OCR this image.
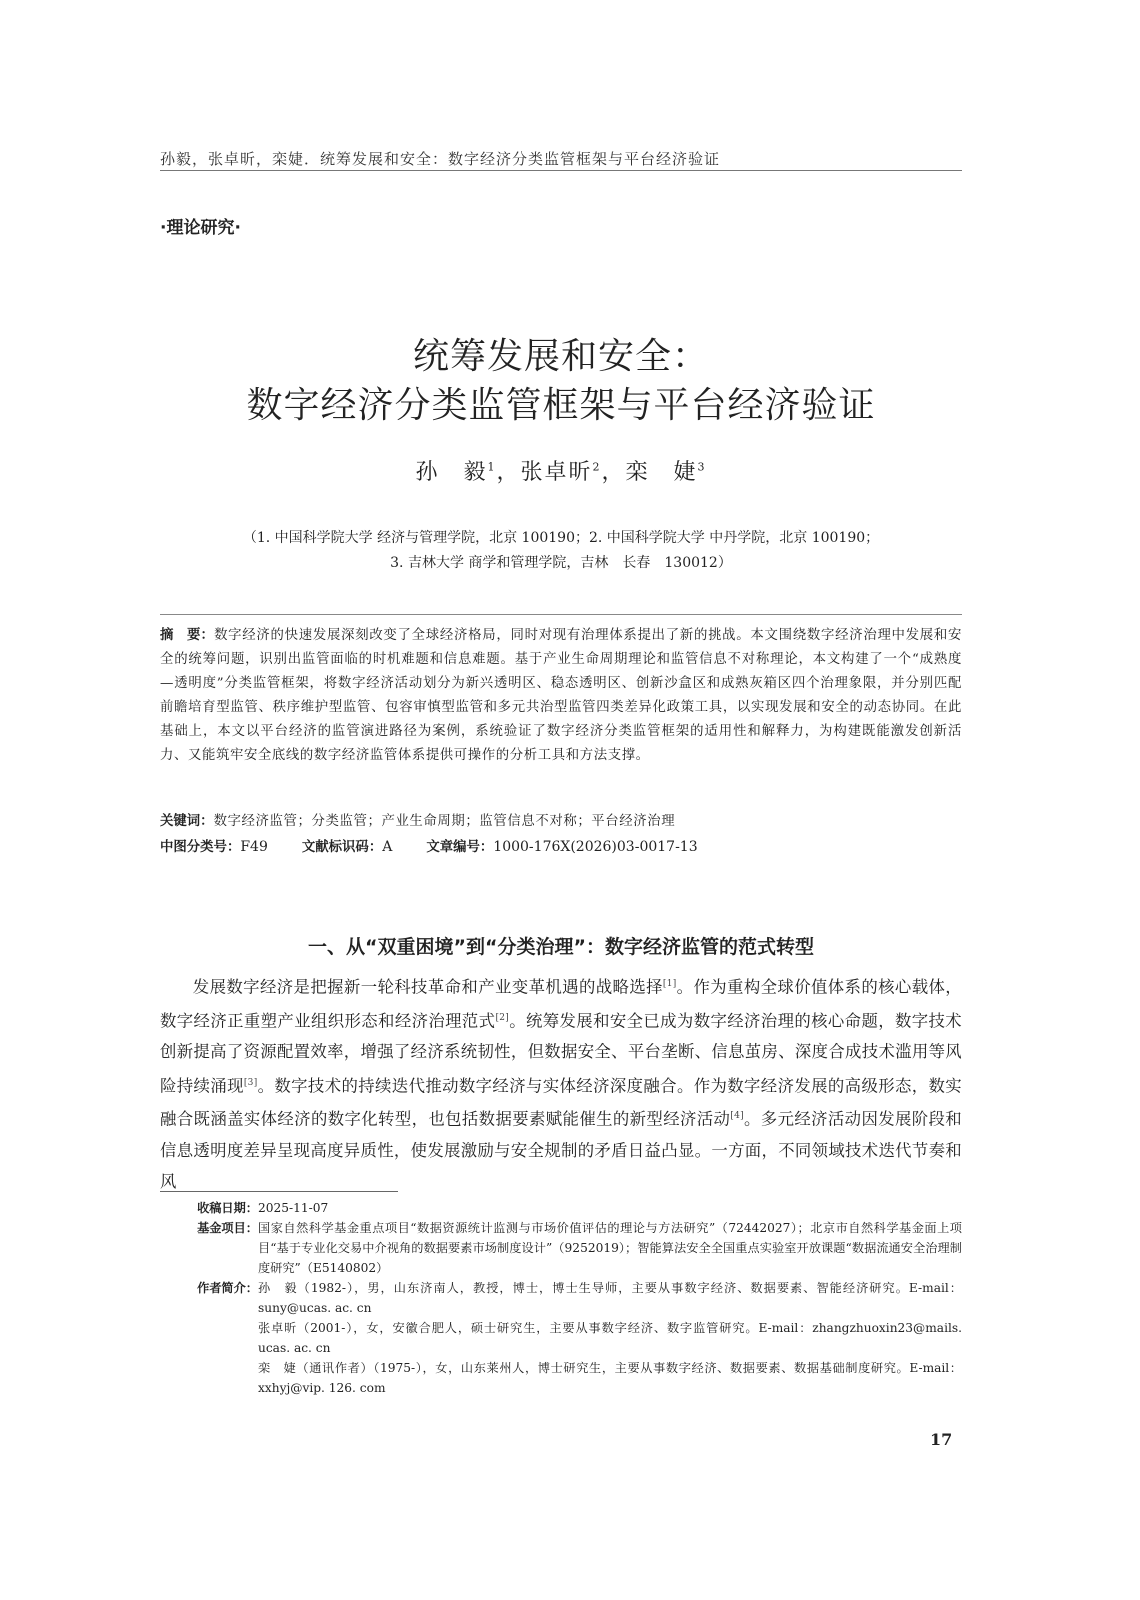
孙毅，张卓昕，栾婕．统筹发展和安全：数字经济分类监管框架与平台经济验证
·理论研究·
统筹发展和安全：
数字经济分类监管框架与平台经济验证
孙　毅$^1$，张卓昕$^2$，栾　婕$^3$
（1. 中国科学院大学 经济与管理学院，北京 100190；2. 中国科学院大学 中丹学院，北京 100190；
3. 吉林大学 商学和管理学院，吉林　长春　130012）
摘　要：数字经济的快速发展深刻改变了全球经济格局，同时对现有治理体系提出了新的挑战。本文围绕数字经济治理中发展和安全的统筹问题，识别出监管面临的时机难题和信息难题。基于产业生命周期理论和监管信息不对称理论，本文构建了一个“成熟度—透明度”分类监管框架，将数字经济活动划分为新兴透明区、稳态透明区、创新沙盒区和成熟灰箱区四个治理象限，并分别匹配前瞻培育型监管、秩序维护型监管、包容审慎型监管和多元共治型监管四类差异化政策工具，以实现发展和安全的动态协同。在此基础上，本文以平台经济的监管演进路径为案例，系统验证了数字经济分类监管框架的适用性和解释力，为构建既能激发创新活力、又能筑牢安全底线的数字经济监管体系提供可操作的分析工具和方法支撑。
关键词：数字经济监管；分类监管；产业生命周期；监管信息不对称；平台经济治理
中图分类号：F49	文献标识码：A	文章编号：1000-176X(2026)03-0017-13
一、从“双重困境”到“分类治理”：数字经济监管的范式转型
发展数字经济是把握新一轮科技革命和产业变革机遇的战略选择[1]。作为重构全球价值体系的核心载体，数字经济正重塑产业组织形态和经济治理范式[2]。统筹发展和安全已成为数字经济治理的核心命题，数字技术创新提高了资源配置效率，增强了经济系统韧性，但数据安全、平台垄断、信息茧房、深度合成技术滥用等风险持续涌现[3]。数字技术的持续迭代推动数字经济与实体经济深度融合。作为数字经济发展的高级形态，数实融合既涵盖实体经济的数字化转型，也包括数据要素赋能催生的新型经济活动[4]。多元经济活动因发展阶段和信息透明度差异呈现高度异质性，使发展激励与安全规制的矛盾日益凸显。一方面，不同领域技术迭代节奏和风
收稿日期： 2025-11-07
基金项目： 国家自然科学基金重点项目“数据资源统计监测与市场价值评估的理论与方法研究”（72442027）；北京市自然科学基金面上项目“基于专业化交易中介视角的数据要素市场制度设计”（9252019）；智能算法安全全国重点实验室开放课题“数据流通安全治理制度研究”（E5140802）
作者简介： 孙　毅（1982-），男，山东济南人，教授，博士，博士生导师，主要从事数字经济、数据要素、智能经济研究。E-mail：suny@ucas. ac. cn

张卓昕（2001-），女，安徽合肥人，硕士研究生，主要从事数字经济、数字监管研究。E-mail：zhangzhuoxin23@mails. ucas. ac. cn

栾　婕（通讯作者）（1975-），女，山东莱州人，博士研究生，主要从事数字经济、数据要素、数据基础制度研究。E-mail：xxhyj@vip. 126. com

17
